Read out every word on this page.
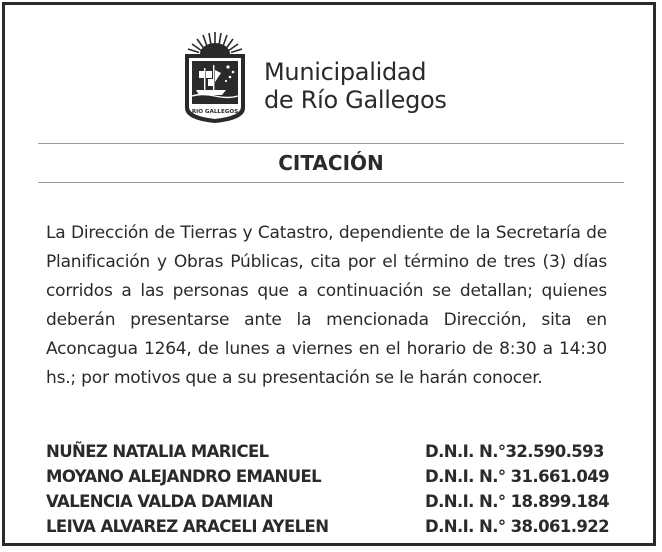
RIO GALLEGOS
Municipalidad
de Río Gallegos
CITACIÓN
La Dirección de Tierras y Catastro, dependiente de la Secretaría de Planificación y Obras Públicas, cita por el término de tres (3) días corridos a las personas que a continuación se detallan; quienes deberán presentarse ante la mencionada Dirección, sita en Aconcagua 1264, de lunes a viernes en el horario de 8:30 a 14:30 hs.; por motivos que a su presentación se le harán conocer.
NUÑEZ NATALIA MARICEL	D.N.I. N.°32.590.593
MOYANO ALEJANDRO EMANUEL	D.N.I. N.° 31.661.049
VALENCIA VALDA DAMIAN	D.N.I. N.° 18.899.184
LEIVA ALVAREZ ARACELI AYELEN	D.N.I. N.° 38.061.922
